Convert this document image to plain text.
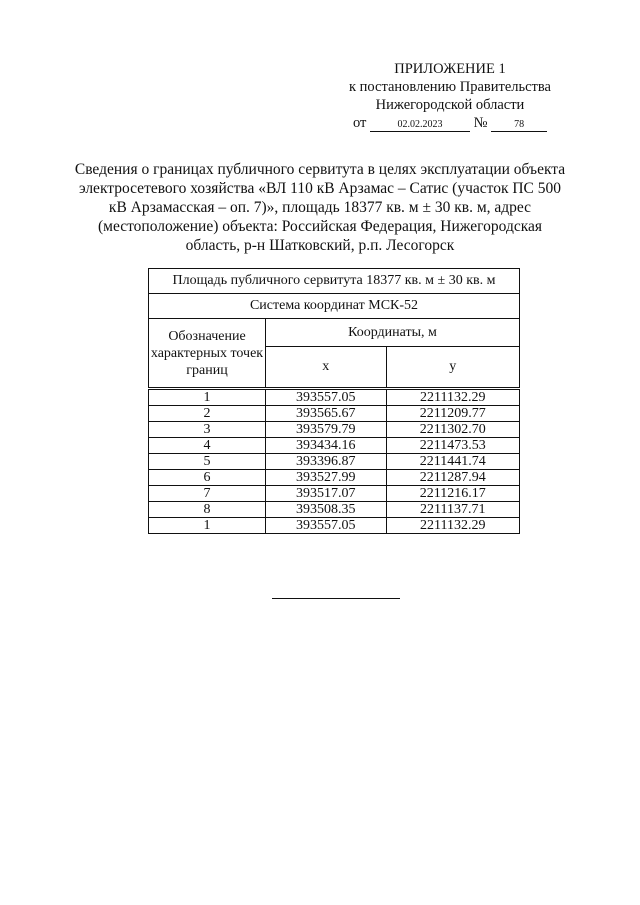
ПРИЛОЖЕНИЕ 1
к постановлению Правительства
Нижегородской области
от	02.02.2023 №	78
Сведения о границах публичного сервитута в целях эксплуатации объекта электросетевого хозяйства «ВЛ 110 кВ Арзамас – Сатис (участок ПС 500 кВ Арзамасская – оп. 7)», площадь 18377 кв. м ± 30 кв. м, адрес (местоположение) объекта: Российская Федерация, Нижегородская область, р-н Шатковский, р.п. Лесогорск
Площадь публичного сервитута 18377 кв. м ± 30 кв. м		
Система координат МСК-52		
Обозначение характерных точек границ	Координаты, м	
	x	y
1	393557.05	2211132.29
2	393565.67	2211209.77
3	393579.79	2211302.70
4	393434.16	2211473.53
5	393396.87	2211441.74
6	393527.99	2211287.94
7	393517.07	2211216.17
8	393508.35	2211137.71
1	393557.05	2211132.29
